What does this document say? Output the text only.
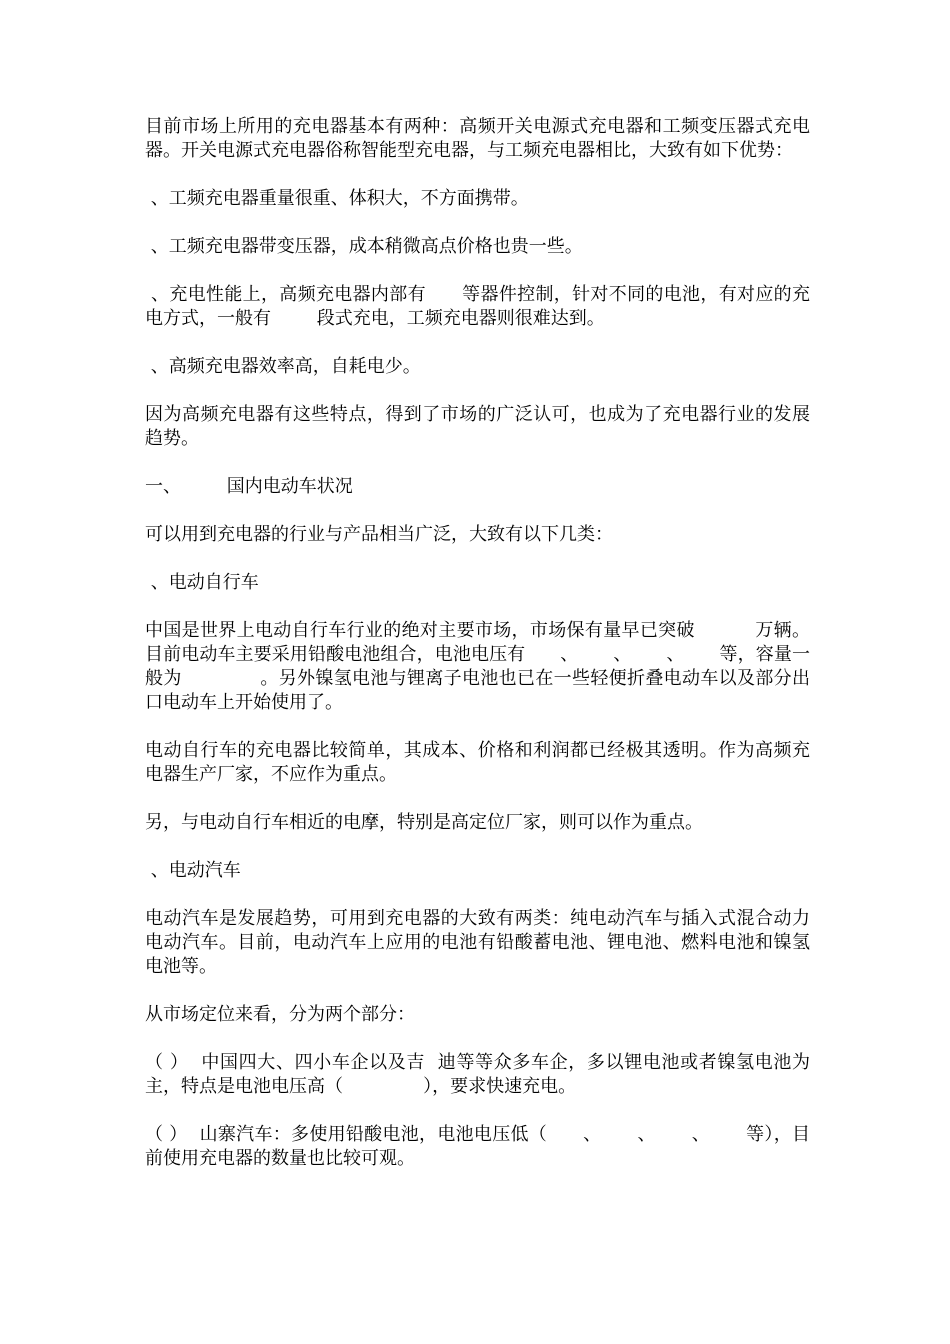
目前市场上所用的充电器基本有两种：高频开关电源式充电器和工频变压器式充电器。开关电源式充电器俗称智能型充电器，与工频充电器相比，大致有如下优势：

、工频充电器重量很重、体积大，不方面携带。

、工频充电器带变压器，成本稍微高点价格也贵一些。

、充电性能上，高频充电器内部有      等器件控制，针对不同的电池，有对应的充电方式，一般有        段式充电，工频充电器则很难达到。

、高频充电器效率高，自耗电少。

因为高频充电器有这些特点，得到了市场的广泛认可，也成为了充电器行业的发展趋势。

一、        国内电动车状况

可以用到充电器的行业与产品相当广泛，大致有以下几类：

、电动自行车

中国是世界上电动自行车行业的绝对主要市场，市场保有量早已突破          万辆。目前电动车主要采用铅酸电池组合，电池电压有      、      、      、      等，容量一般为             。另外镍氢电池与锂离子电池也已在一些轻便折叠电动车以及部分出口电动车上开始使用了。

电动自行车的充电器比较简单，其成本、价格和利润都已经极其透明。作为高频充电器生产厂家，不应作为重点。

另，与电动自行车相近的电摩，特别是高定位厂家，则可以作为重点。

、电动汽车

电动汽车是发展趋势，可用到充电器的大致有两类：纯电动汽车与插入式混合动力电动汽车。目前，电动汽车上应用的电池有铅酸蓄电池、锂电池、燃料电池和镍氢电池等。

从市场定位来看，分为两个部分：

（ ）  中国四大、四小车企以及吉  迪等等众多车企，多以锂电池或者镍氢电池为主，特点是电池电压高（              ），要求快速充电。

（ ）  山寨汽车：多使用铅酸电池，电池电压低（      、      、      、      等），目前使用充电器的数量也比较可观。
